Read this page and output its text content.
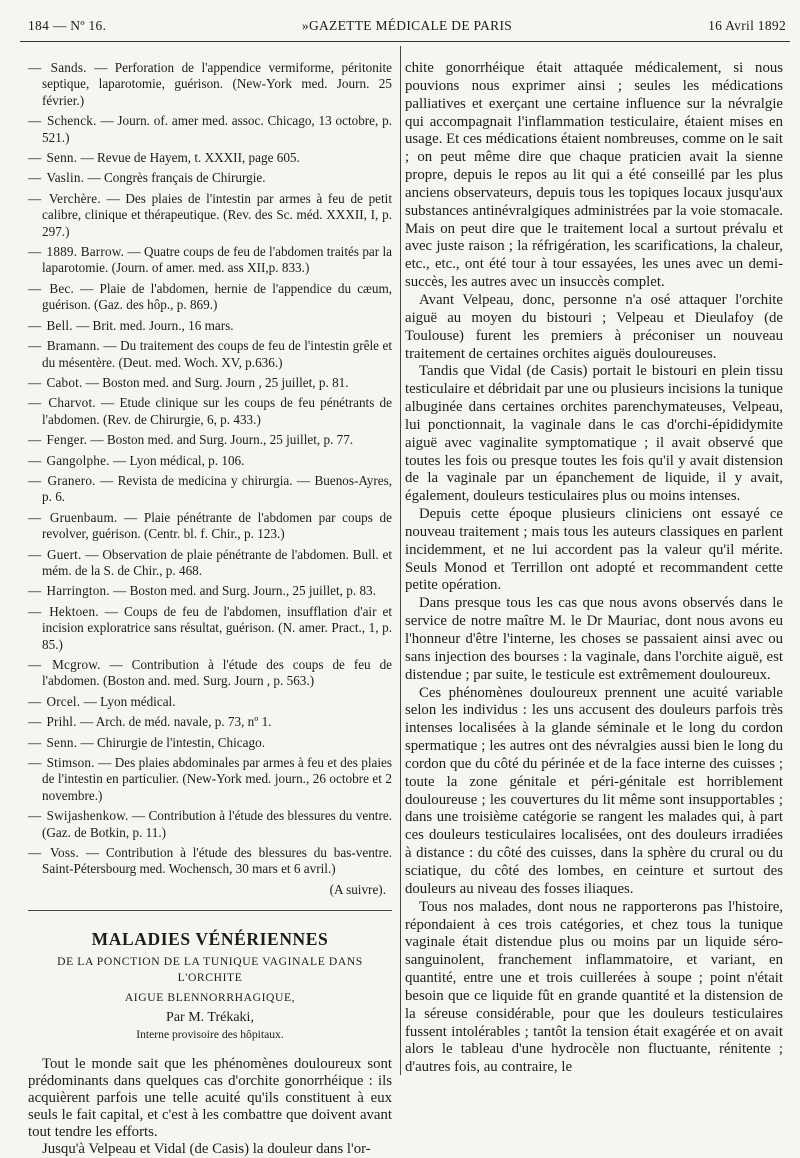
184 — Nº 16.	»GAZETTE MÉDICALE DE PARIS	16 Avril 1892

— Sands. — Perforation de l'appendice vermiforme, péritonite septique, laparotomie, guérison. (New-York med. Journ. 25 février.)

— Schenck. — Journ. of. amer med. assoc. Chicago, 13 octobre, p. 521.)

— Senn. — Revue de Hayem, t. XXXII, page 605.

— Vaslin. — Congrès français de Chirurgie.

— Verchère. — Des plaies de l'intestin par armes à feu de petit calibre, clinique et thérapeutique. (Rev. des Sc. méd. XXXII, I, p. 297.)

— 1889. Barrow. — Quatre coups de feu de l'abdomen traités par la laparotomie. (Journ. of amer. med. ass XII,p. 833.)

— Bec. — Plaie de l'abdomen, hernie de l'appendice du cæum, guérison. (Gaz. des hôp., p. 869.)

— Bell. — Brit. med. Journ., 16 mars.

— Bramann. — Du traitement des coups de feu de l'intestin grêle et du mésentère. (Deut. med. Woch. XV, p.636.)

— Cabot. — Boston med. and Surg. Journ , 25 juillet, p. 81.

— Charvot. — Etude clinique sur les coups de feu pénétrants de l'abdomen. (Rev. de Chirurgie, 6, p. 433.)

— Fenger. — Boston med. and Surg. Journ., 25 juillet, p. 77.

— Gangolphe. — Lyon médical, p. 106.

— Granero. — Revista de medicina y chirurgia. — Buenos-Ayres, p. 6.

— Gruenbaum. — Plaie pénétrante de l'abdomen par coups de revolver, guérison. (Centr. bl. f. Chir., p. 123.)

— Guert. — Observation de plaie pénétrante de l'abdomen. Bull. et mém. de la S. de Chir., p. 468.

— Harrington. — Boston med. and Surg. Journ., 25 juillet, p. 83.

— Hektoen. — Coups de feu de l'abdomen, insufflation d'air et incision exploratrice sans résultat, guérison. (N. amer. Pract., 1, p. 85.)

— Mcgrow. — Contribution à l'étude des coups de feu de l'abdomen. (Boston and. med. Surg. Journ , p. 563.)

— Orcel. — Lyon médical.

— Prihl. — Arch. de méd. navale, p. 73, nº 1.

— Senn. — Chirurgie de l'intestin, Chicago.

— Stimson. — Des plaies abdominales par armes à feu et des plaies de l'intestin en particulier. (New-York med. journ., 26 octobre et 2 novembre.)

— Swijashenkow. — Contribution à l'étude des blessures du ventre. (Gaz. de Botkin, p. 11.)

— Voss. — Contribution à l'étude des blessures du bas-ventre. Saint-Pétersbourg med. Wochensch, 30 mars et 6 avril.)

(A suivre).
MALADIES VÉNÉRIENNES
DE LA PONCTION DE LA TUNIQUE VAGINALE DANS L'ORCHITE
AIGUE BLENNORRHAGIQUE,
Par M. Trékaki,
Interne provisoire des hôpitaux.

Tout le monde sait que les phénomènes douloureux sont prédominants dans quelques cas d'orchite gonorrhéique : ils acquièrent parfois une telle acuité qu'ils constituent à eux seuls le fait capital, et c'est à les combattre que doivent avant tout tendre les efforts.

Jusqu'à Velpeau et Vidal (de Casis) la douleur dans l'or-

chite gonorrhéique était attaquée médicalement, si nous pouvions nous exprimer ainsi ; seules les médications palliatives et exerçant une certaine influence sur la névralgie qui accompagnait l'inflammation testiculaire, étaient mises en usage. Et ces médications étaient nombreuses, comme on le sait ; on peut même dire que chaque praticien avait la sienne propre, depuis le repos au lit qui a été conseillé par les plus anciens observateurs, depuis tous les topiques locaux jusqu'aux substances antinévralgiques administrées par la voie stomacale. Mais on peut dire que le traitement local a surtout prévalu et avec juste raison ; la réfrigération, les scarifications, la chaleur, etc., etc., ont été tour à tour essayées, les unes avec un demi-succès, les autres avec un insuccès complet.

Avant Velpeau, donc, personne n'a osé attaquer l'orchite aiguë au moyen du bistouri ; Velpeau et Dieulafoy (de Toulouse) furent les premiers à préconiser un nouveau traitement de certaines orchites aiguës douloureuses.

Tandis que Vidal (de Casis) portait le bistouri en plein tissu testiculaire et débridait par une ou plusieurs incisions la tunique albuginée dans certaines orchites parenchymateuses, Velpeau, lui ponctionnait, la vaginale dans le cas d'orchi-épididymite aiguë avec vaginalite symptomatique ; il avait observé que toutes les fois ou presque toutes les fois qu'il y avait distension de la vaginale par un épanchement de liquide, il y avait, également, douleurs testiculaires plus ou moins intenses.

Depuis cette époque plusieurs cliniciens ont essayé ce nouveau traitement ; mais tous les auteurs classiques en parlent incidemment, et ne lui accordent pas la valeur qu'il mérite. Seuls Monod et Terrillon ont adopté et recommandent cette petite opération.

Dans presque tous les cas que nous avons observés dans le service de notre maître M. le Dr Mauriac, dont nous avons eu l'honneur d'être l'interne, les choses se passaient ainsi avec ou sans injection des bourses : la vaginale, dans l'orchite aiguë, est distendue ; par suite, le testicule est extrêmement douloureux.

Ces phénomènes douloureux prennent une acuité variable selon les individus : les uns accusent des douleurs parfois très intenses localisées à la glande séminale et le long du cordon spermatique ; les autres ont des névralgies aussi bien le long du cordon que du côté du périnée et de la face interne des cuisses ; toute la zone génitale et péri-génitale est horriblement douloureuse ; les couvertures du lit même sont insupportables ; dans une troisième catégorie se rangent les malades qui, à part ces douleurs testiculaires localisées, ont des douleurs irradiées à distance : du côté des cuisses, dans la sphère du crural ou du sciatique, du côté des lombes, en ceinture et surtout des douleurs au niveau des fosses iliaques.

Tous nos malades, dont nous ne rapporterons pas l'histoire, répondaient à ces trois catégories, et chez tous la tunique vaginale était distendue plus ou moins par un liquide séro-sanguinolent, franchement inflammatoire, et variant, en quantité, entre une et trois cuillerées à soupe ; point n'était besoin que ce liquide fût en grande quantité et la distension de la séreuse considérable, pour que les douleurs testiculaires fussent intolérables ; tantôt la tension était exagérée et on avait alors le tableau d'une hydrocèle non fluctuante, rénitente ; d'autres fois, au contraire, le
